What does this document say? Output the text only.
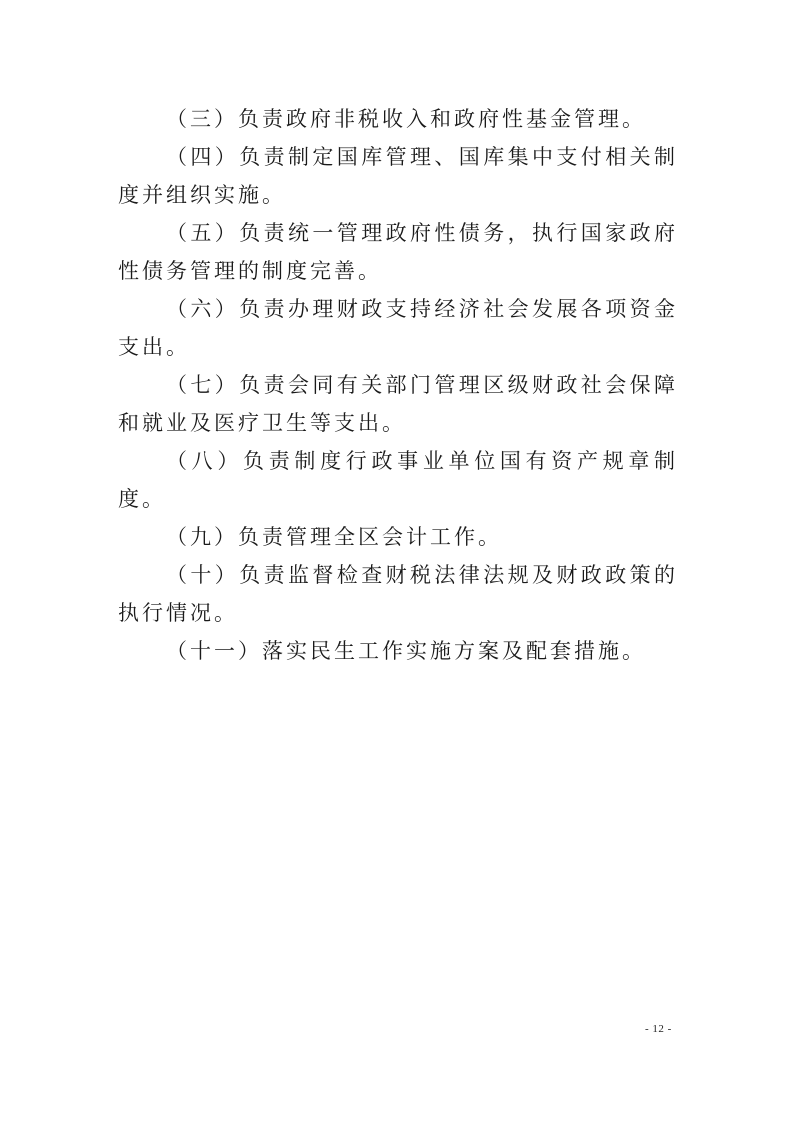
（三）负责政府非税收入和政府性基金管理。

（四）负责制定国库管理、国库集中支付相关制度并组织实施。

（五）负责统一管理政府性债务，执行国家政府性债务管理的制度完善。

（六）负责办理财政支持经济社会发展各项资金支出。

（七）负责会同有关部门管理区级财政社会保障和就业及医疗卫生等支出。

（八）负责制度行政事业单位国有资产规章制度。

（九）负责管理全区会计工作。

（十）负责监督检查财税法律法规及财政政策的执行情况。

（十一）落实民生工作实施方案及配套措施。

- 12 -
